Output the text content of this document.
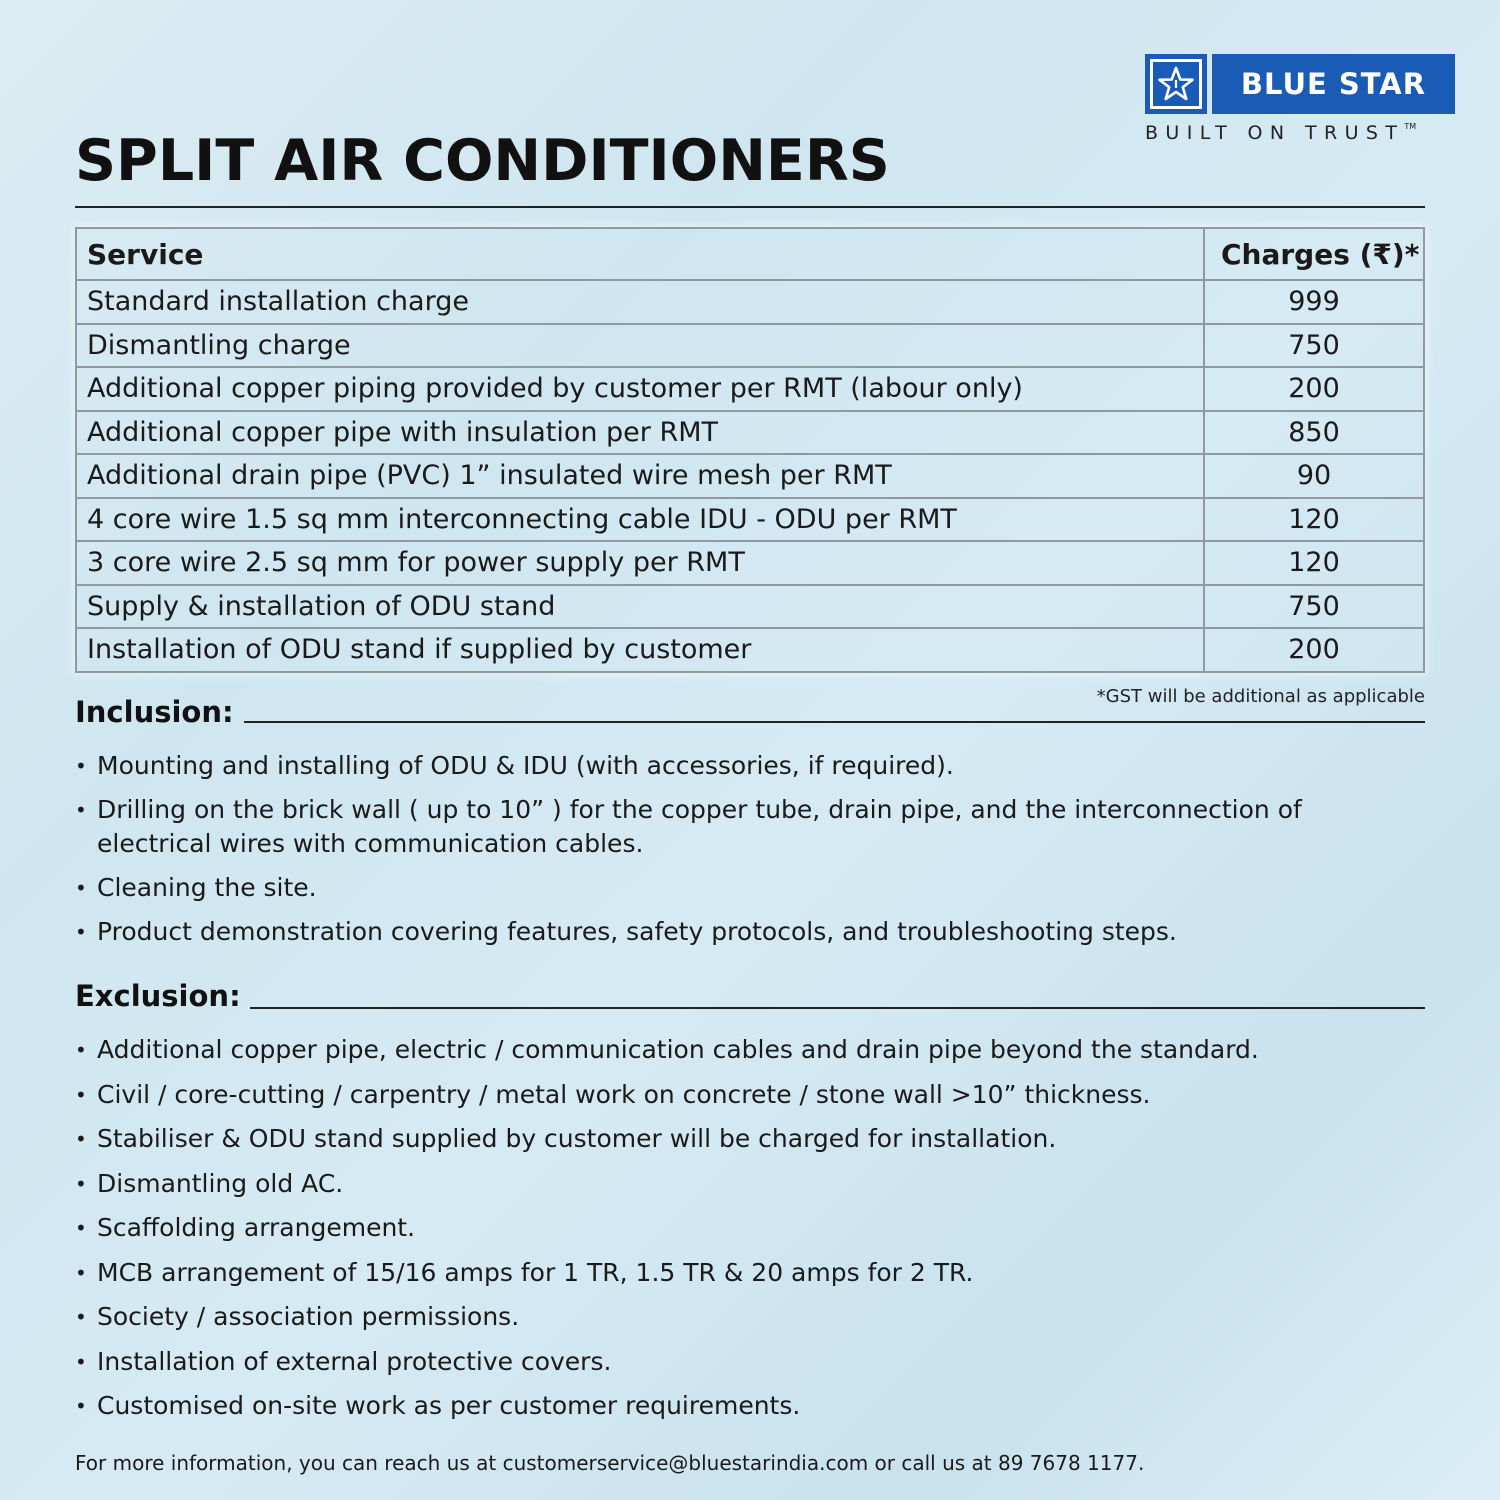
BLUE STAR
BUILT ON TRUST™
SPLIT AIR CONDITIONERS
Service	Charges (₹)*
Standard installation charge	999
Dismantling charge	750
Additional copper piping provided by customer per RMT (labour only)	200
Additional copper pipe with insulation per RMT	850
Additional drain pipe (PVC) 1” insulated wire mesh per RMT	90
4 core wire 1.5 sq mm interconnecting cable IDU - ODU per RMT	120
3 core wire 2.5 sq mm for power supply per RMT	120
Supply & installation of ODU stand	750
Installation of ODU stand if supplied by customer	200
*GST will be additional as applicable
Inclusion:
• Mounting and installing of ODU & IDU (with accessories, if required).
• Drilling on the brick wall ( up to 10” ) for the copper tube, drain pipe, and the interconnection of electrical wires with communication cables.
• Cleaning the site.
• Product demonstration covering features, safety protocols, and troubleshooting steps.
Exclusion:
• Additional copper pipe, electric / communication cables and drain pipe beyond the standard.
• Civil / core-cutting / carpentry / metal work on concrete / stone wall >10” thickness.
• Stabiliser & ODU stand supplied by customer will be charged for installation.
• Dismantling old AC.
• Scaffolding arrangement.
• MCB arrangement of 15/16 amps for 1 TR, 1.5 TR & 20 amps for 2 TR.
• Society / association permissions.
• Installation of external protective covers.
• Customised on-site work as per customer requirements.
For more information, you can reach us at customerservice@bluestarindia.com or call us at 89 7678 1177.
